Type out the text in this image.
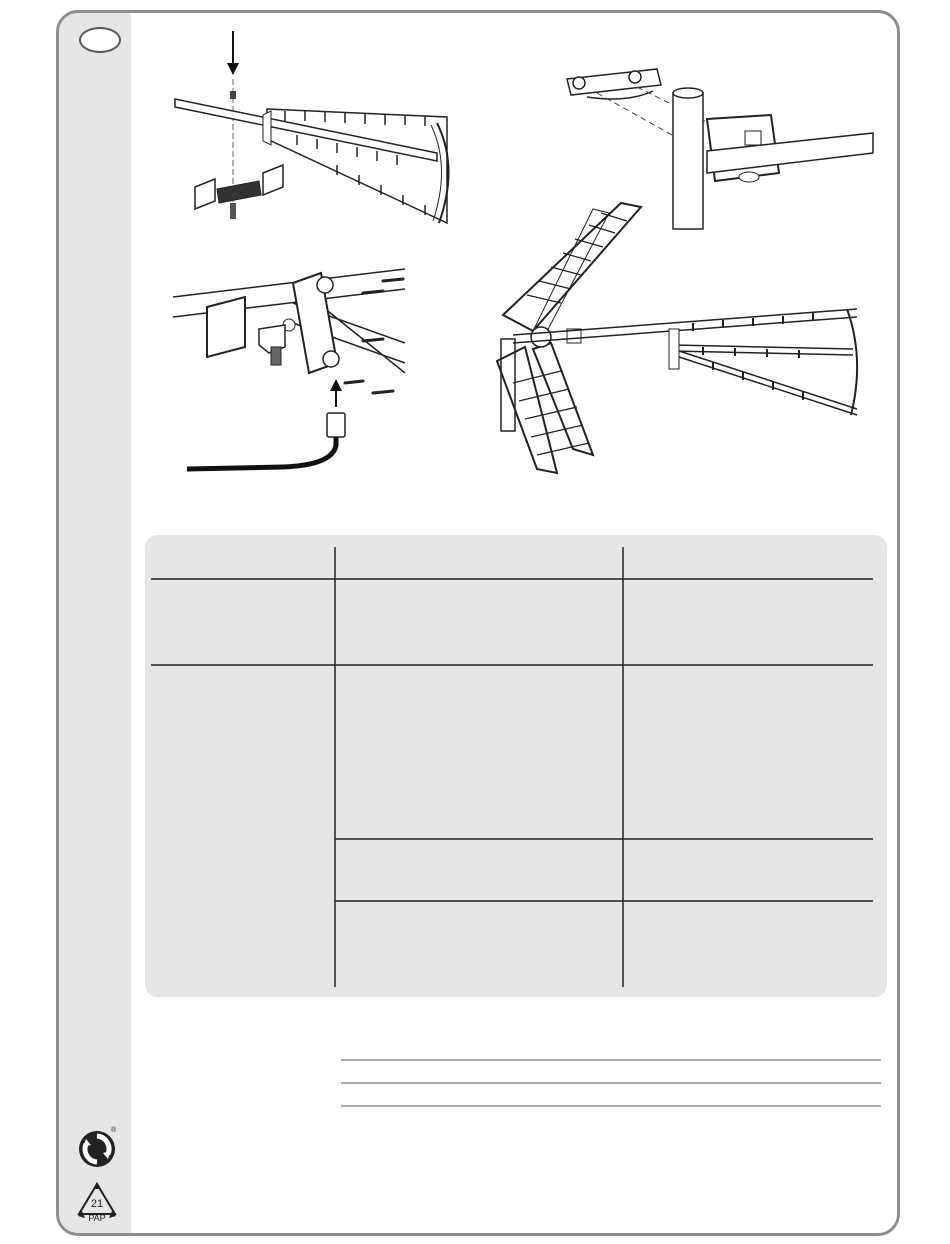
®
21
PAP
